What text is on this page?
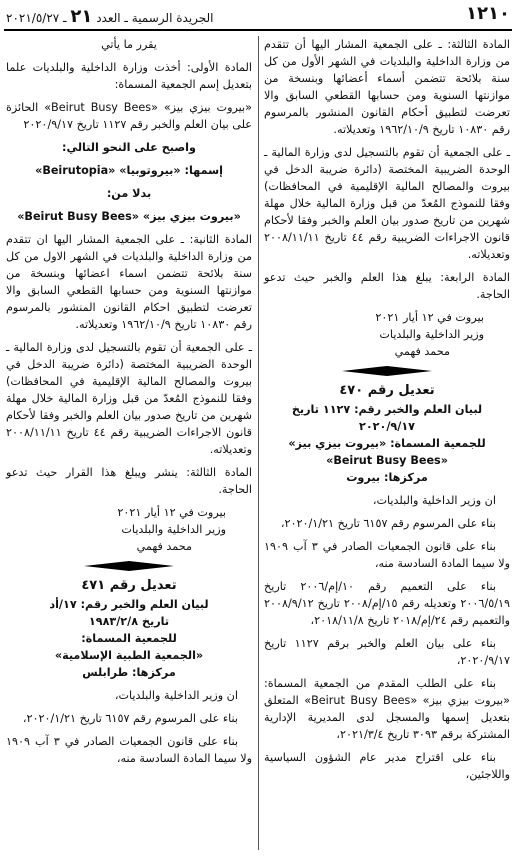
١٢١٠
الجريدة الرسمية ـ العدد ٢١ ـ ٢٠٢١/٥/٢٧

المادة الثالثة: ـ على الجمعية المشار اليها أن تتقدم من وزارة الداخلية والبلديات في الشهر الأول من كل سنة بلائحة تتضمن أسماء أعضائها وبنسخة من موازنتها السنوية ومن حسابها القطعي السابق والا تعرضت لتطبيق أحكام القانون المنشور بالمرسوم رقم ١٠٨٣٠ تاريخ ١٩٦٢/١٠/٩ وتعديلاته.

ـ على الجمعية أن تقوم بالتسجيل لدى وزارة المالية ـ الوحدة الضريبية المختصة (دائرة ضريبة الدخل في بيروت والمصالح المالية الإقليمية في المحافظات) وفقا للنموذج المُعدّ من قبل وزارة المالية خلال مهلة شهرين من تاريخ صدور بيان العلم والخبر وفقا لأحكام قانون الاجراءات الضريبية رقم ٤٤ تاريخ ٢٠٠٨/١١/١١ وتعديلاته.

المادة الرابعة: يبلغ هذا العلم والخبر حيث تدعو الحاجة.

بيروت في ١٢ أيار ٢٠٢١

وزير الداخلية والبلديات

محمد فهمي

تعديل رقم ٤٧٠

لبيان العلم والخبر رقم: ١١٢٧ تاريخ ٢٠٢٠/٩/١٧

للجمعية المسماة: «بيروت بيزي بيز»

«Beirut Busy Bees»

مركزها: بيروت

ان وزير الداخلية والبلديات،

بناء على المرسوم رقم ٦١٥٧ تاريخ ٢٠٢٠/١/٢١،

بناء على قانون الجمعيات الصادر في ٣ آب ١٩٠٩ ولا سيما المادة السادسة منه،

بناء على التعميم رقم ١٠/إم/٢٠٠٦ تاريخ ٢٠٠٦/٥/١٩ وتعديله رقم ١٥/إم/٢٠٠٨ تاريخ ٢٠٠٨/٩/١٢ والتعميم رقم ٢٤/إم/٢٠١٨ تاريخ ٢٠١٨/١١/٨،

بناء على بيان العلم والخبر برقم ١١٢٧ تاريخ ٢٠٢٠/٩/١٧،

بناء على الطلب المقدم من الجمعية المسماة: «بيروت بيزي بيز» «Beirut Busy Bees» المتعلق بتعديل إسمها والمسجل لدى المديرية الإدارية المشتركة برقم ٣٠٩٣ تاريخ ٢٠٢١/٣/٤،

بناء على اقتراح مدير عام الشؤون السياسية واللاجئين،

يقرر ما يأتي

المادة الأولى: أخذت وزارة الداخلية والبلديات علما بتعديل إسم الجمعية المسماة:

«بيروت بيزي بيز» «Beirut Busy Bees» الحائزة على بيان العلم والخبر رقم ١١٢٧ تاريخ ٢٠٢٠/٩/١٧

واصبح على النحو التالي:

إسمها: «بيروتوبيا» «Beirutopia»

بدلا من:

«بيروت بيزي بيز» «Beirut Busy Bees»

المادة الثانية: ـ على الجمعية المشار اليها ان تتقدم من وزارة الداخلية والبلديات في الشهر الاول من كل سنة بلائحة تتضمن اسماء اعضائها وبنسخة من موازنتها السنوية ومن حسابها القطعي السابق والا تعرضت لتطبيق احكام القانون المنشور بالمرسوم رقم ١٠٨٣٠ تاريخ ١٩٦٢/١٠/٩ وتعديلاته.

ـ على الجمعية أن تقوم بالتسجيل لدى وزارة المالية ـ الوحدة الضريبية المختصة (دائرة ضريبة الدخل في بيروت والمصالح المالية الإقليمية في المحافظات) وفقا للنموذج المُعدّ من قبل وزارة المالية خلال مهلة شهرين من تاريخ صدور بيان العلم والخبر وفقا لأحكام قانون الاجراءات الضريبية رقم ٤٤ تاريخ ٢٠٠٨/١١/١١ وتعديلاته.

المادة الثالثة: ينشر ويبلغ هذا القرار حيث تدعو الحاجة.

بيروت في ١٢ أيار ٢٠٢١

وزير الداخلية والبلديات

محمد فهمي

تعديل رقم ٤٧١

لبيان العلم والخبر رقم: ١٧/أد

تاريخ ١٩٨٣/٢/٨

للجمعية المسماة:

«الجمعية الطبية الإسلامية»

مركزها: طرابلس

ان وزير الداخلية والبلديات،

بناء على المرسوم رقم ٦١٥٧ تاريخ ٢٠٢٠/١/٢١،

بناء على قانون الجمعيات الصادر في ٣ آب ١٩٠٩ ولا سيما المادة السادسة منه،
